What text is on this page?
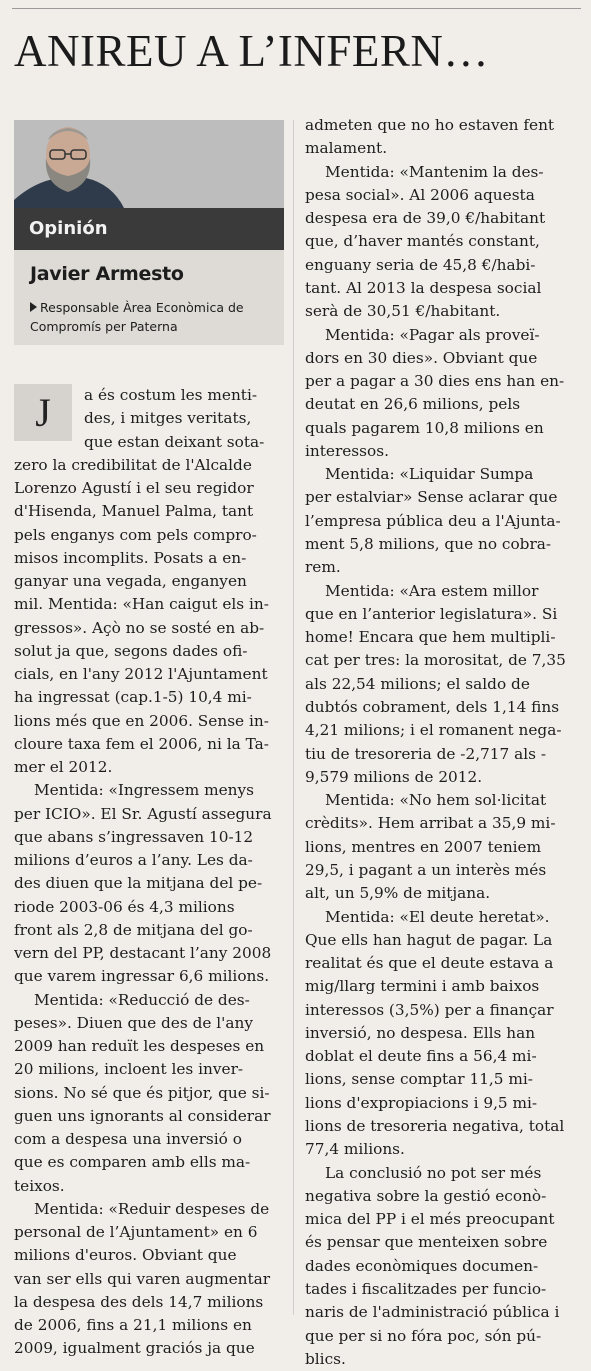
ANIREU A L’INFERN…
Opinión
Javier Armesto
Responsable Àrea Econòmica de
Compromís per Paterna
J	a és costum les menti-
des, i mitges veritats,
que estan deixant sota-
zero la credibilitat de l'Alcalde
Lorenzo Agustí i el seu regidor
d'Hisenda, Manuel Palma, tant
pels enganys com pels compro-
misos incomplits. Posats a en-
ganyar una vegada, enganyen
mil. Mentida: «Han caigut els in-
gressos». Açò no se sosté en ab-
solut ja que, segons dades ofi-
cials, en l'any 2012 l'Ajuntament
ha ingressat (cap.1-5) 10,4 mi-
lions més que en 2006. Sense in-
cloure taxa fem el 2006, ni la Ta-
mer el 2012.
Mentida: «Ingressem menys
per ICIO». El Sr. Agustí assegura
que abans s’ingressaven 10-12
milions d’euros a l’any. Les da-
des diuen que la mitjana del pe-
riode 2003-06 és 4,3 milions
front als 2,8 de mitjana del go-
vern del PP, destacant l’any 2008
que varem ingressar 6,6 milions.
Mentida: «Reducció de des-
peses». Diuen que des de l'any
2009 han reduït les despeses en
20 milions, incloent les inver-
sions. No sé que és pitjor, que si-
guen uns ignorants al considerar
com a despesa una inversió o
que es comparen amb ells ma-
teixos.
Mentida: «Reduir despeses de
personal de l’Ajuntament» en 6
milions d'euros. Obviant que
van ser ells qui varen augmentar
la despesa des dels 14,7 milions
de 2006, fins a 21,1 milions en
2009, igualment graciós ja que
admeten que no ho estaven fent
malament.
Mentida: «Mantenim la des-
pesa social». Al 2006 aquesta
despesa era de 39,0 €/habitant
que, d’haver mantés constant,
enguany seria de 45,8 €/habi-
tant. Al 2013 la despesa social
serà de 30,51 €/habitant.
Mentida: «Pagar als proveï-
dors en 30 dies». Obviant que
per a pagar a 30 dies ens han en-
deutat en 26,6 milions, pels
quals pagarem 10,8 milions en
interessos.
Mentida: «Liquidar Sumpa
per estalviar» Sense aclarar que
l’empresa pública deu a l'Ajunta-
ment 5,8 milions, que no cobra-
rem.
Mentida: «Ara estem millor
que en l’anterior legislatura». Si
home! Encara que hem multipli-
cat per tres: la morositat, de 7,35
als 22,54 milions; el saldo de
dubtós cobrament, dels 1,14 fins
4,21 milions; i el romanent nega-
tiu de tresoreria de -2,717 als -
9,579 milions de 2012.
Mentida: «No hem sol·licitat
crèdits». Hem arribat a 35,9 mi-
lions, mentres en 2007 teniem
29,5, i pagant a un interès més
alt, un 5,9% de mitjana.
Mentida: «El deute heretat».
Que ells han hagut de pagar. La
realitat és que el deute estava a
mig/llarg termini i amb baixos
interessos (3,5%) per a finançar
inversió, no despesa. Ells han
doblat el deute fins a 56,4 mi-
lions, sense comptar 11,5 mi-
lions d'expropiacions i 9,5 mi-
lions de tresoreria negativa, total
77,4 milions.
La conclusió no pot ser més
negativa sobre la gestió econò-
mica del PP i el més preocupant
és pensar que menteixen sobre
dades econòmiques documen-
tades i fiscalitzades per funcio-
naris de l'administració pública i
que per si no fóra poc, són pú-
blics.
